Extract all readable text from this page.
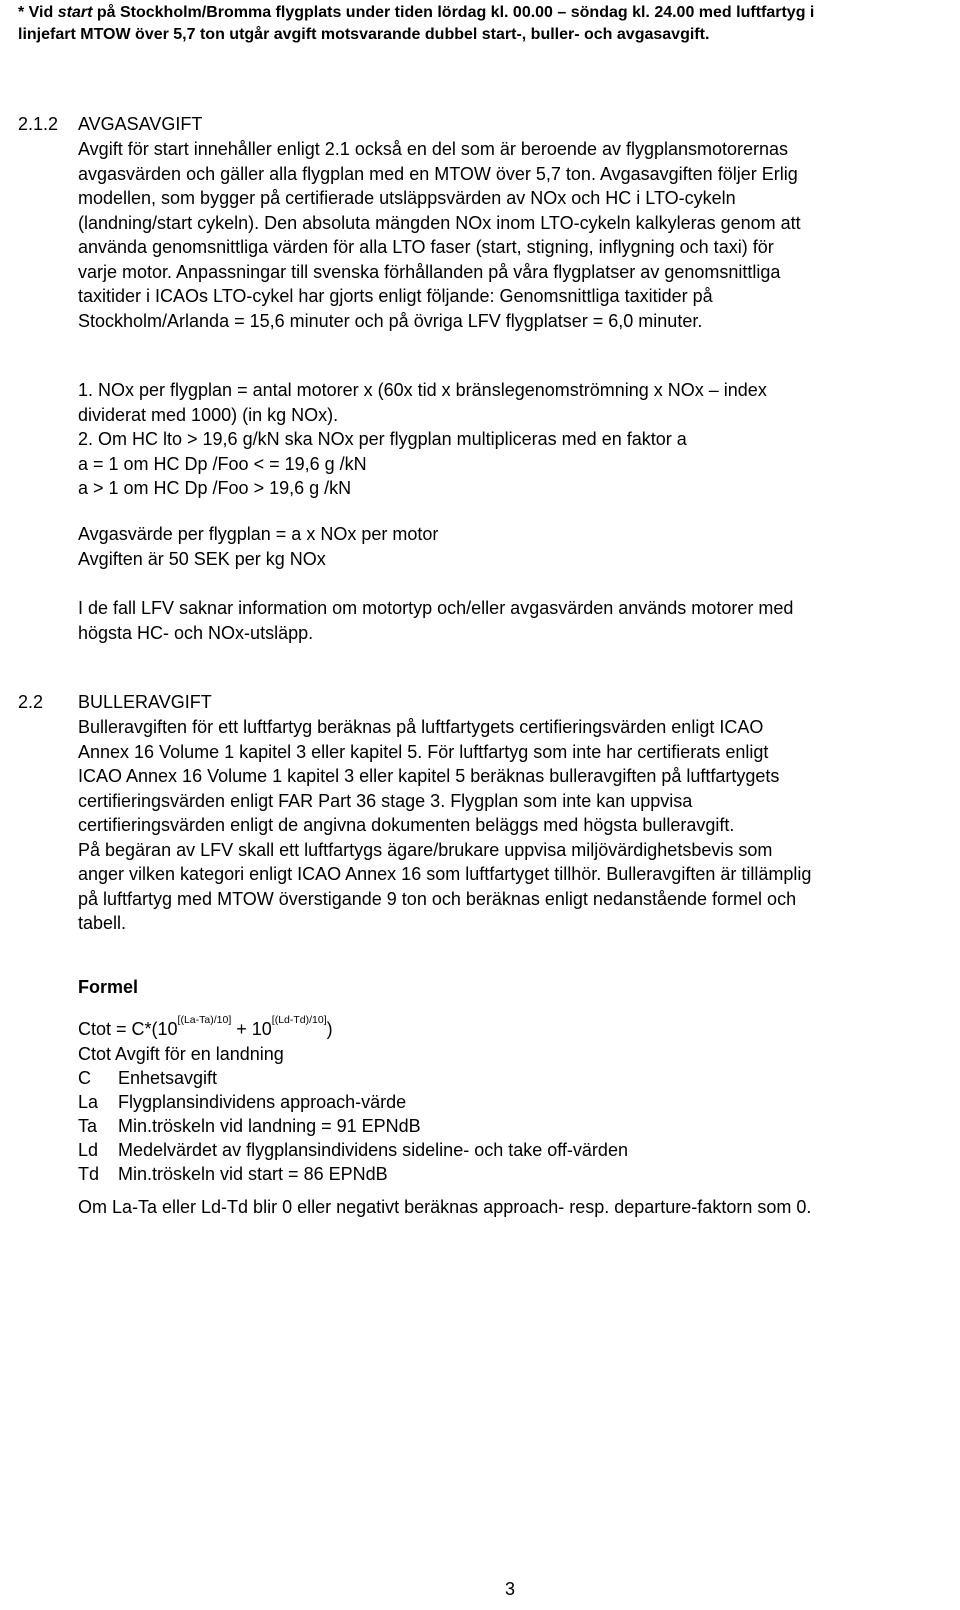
* Vid start på Stockholm/Bromma flygplats under tiden lördag kl. 00.00 – söndag kl. 24.00 med luftfartyg i
linjefart MTOW över 5,7 ton utgår avgift motsvarande dubbel start-, buller- och avgasavgift.
2.1.2 AVGASAVGIFT
Avgift för start innehåller enligt 2.1 också en del som är beroende av flygplansmotorernas
avgasvärden och gäller alla flygplan med en MTOW över 5,7 ton. Avgasavgiften följer Erlig
modellen, som bygger på certifierade utsläppsvärden av NOx och HC i LTO-cykeln
(landning/start cykeln). Den absoluta mängden NOx inom LTO-cykeln kalkyleras genom att
använda genomsnittliga värden för alla LTO faser (start, stigning, inflygning och taxi) för
varje motor. Anpassningar till svenska förhållanden på våra flygplatser av genomsnittliga
taxitider i ICAOs LTO-cykel har gjorts enligt följande: Genomsnittliga taxitider på
Stockholm/Arlanda = 15,6 minuter och på övriga LFV flygplatser = 6,0 minuter.
1. NOx per flygplan = antal motorer x (60x tid x bränslegenomströmning x NOx – index
dividerat med 1000) (in kg NOx).
2. Om HC lto > 19,6 g/kN ska NOx per flygplan multipliceras med en faktor a
a = 1 om HC Dp /Foo < = 19,6 g /kN
a > 1 om HC Dp /Foo > 19,6 g /kN
Avgasvärde per flygplan = a x NOx per motor
Avgiften är 50 SEK per kg NOx
I de fall LFV saknar information om motortyp och/eller avgasvärden används motorer med
högsta HC- och NOx-utsläpp.
2.2 BULLERAVGIFT
Bulleravgiften för ett luftfartyg beräknas på luftfartygets certifieringsvärden enligt ICAO
Annex 16 Volume 1 kapitel 3 eller kapitel 5. För luftfartyg som inte har certifierats enligt
ICAO Annex 16 Volume 1 kapitel 3 eller kapitel 5 beräknas bulleravgiften på luftfartygets
certifieringsvärden enligt FAR Part 36 stage 3. Flygplan som inte kan uppvisa
certifieringsvärden enligt de angivna dokumenten beläggs med högsta bulleravgift.
På begäran av LFV skall ett luftfartygs ägare/brukare uppvisa miljövärdighetsbevis som
anger vilken kategori enligt ICAO Annex 16 som luftfartyget tillhör. Bulleravgiften är tillämplig
på luftfartyg med MTOW överstigande 9 ton och beräknas enligt nedanstående formel och
tabell.
Formel
Ctot = C*(10[(La-Ta)/10] + 10[(Ld-Td)/10])
Ctot Avgift för en landning
C Enhetsavgift
La Flygplansindividens approach-värde
Ta Min.tröskeln vid landning = 91 EPNdB
Ld Medelvärdet av flygplansindividens sideline- och take off-värden
Td Min.tröskeln vid start = 86 EPNdB
Om La-Ta eller Ld-Td blir 0 eller negativt beräknas approach- resp. departure-faktorn som 0.
3
